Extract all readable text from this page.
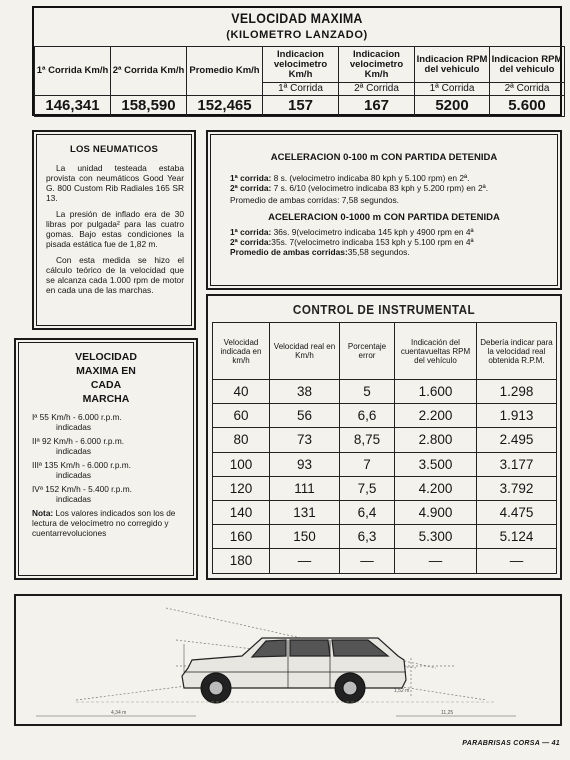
VELOCIDAD MAXIMA
(KILOMETRO LANZADO)
1ª Corrida Km/h	2ª Corrida Km/h	Promedio Km/h	Indicacion velocimetro Km/h	Indicacion velocimetro Km/h	Indicacion RPM del vehiculo	Indicacion RPM del vehiculo
			1ª Corrida	2ª Corrida	1ª Corrida	2ª Corrida
146,341	158,590	152,465	157	167	5200	5.600
LOS NEUMATICOS

La unidad testeada estaba provista con neumáticos Good Year G. 800 Custom Rib Radiales 165 SR 13.

La presión de inflado era de 30 libras por pulgada² para las cuatro gomas. Bajo estas condiciones la pisada estática fue de 1,82 m.

Con esta medida se hizo el cálculo teórico de la velocidad que se alcanza cada 1.000 rpm de motor en cada una de las marchas.

VELOCIDAD
MAXIMA EN
CADA
MARCHA
Iª 55 Km/h - 6.000 r.p.m.
indicadas
IIª 92 Km/h - 6.000 r.p.m.
indicadas
IIIª 135 Km/h - 6.000 r.p.m.
indicadas
IVª 152 Km/h - 5.400 r.p.m.
indicadas
Nota: Los valores indicados son los de lectura de velocímetro no corregido y cuentarrevoluciones
ACELERACION 0-100 m CON PARTIDA DETENIDA
1ª corrida: 8 s. (velocimetro indicaba 80 kph y 5.100 rpm) en 2ª.
2ª corrida: 7 s. 6/10 (velocimetro indicaba 83 kph y 5.200 rpm) en 2ª.
Promedio de ambas corridas: 7,58 segundos.
ACELERACION 0-1000 m CON PARTIDA DETENIDA
1ª corrida: 36s. 9(velocimetro indicaba 145 kph y 4900 rpm en 4ª
2ª corrida:35s. 7(velocimetro indicaba 153 kph y 5.100 rpm en 4ª
Promedio de ambas corridas:35,58 segundos.
CONTROL DE INSTRUMENTAL
Velocidad indicada en km/h	Velocidad real en Km/h	Porcentaje error	Indicación del cuentavueltas RPM del vehículo	Debería indicar para la velocidad real obtenida R.P.M.
40	38	5	1.600	1.298
60	56	6,6	2.200	1.913
80	73	8,75	2.800	2.495
100	93	7	3.500	3.177
120	111	7,5	4.200	3.792
140	131	6,4	4.900	4.475
160	150	6,3	5.300	5.124
180	—	—	—	—
4,34 m	11,25
1,52 m
PARABRISAS CORSA — 41
